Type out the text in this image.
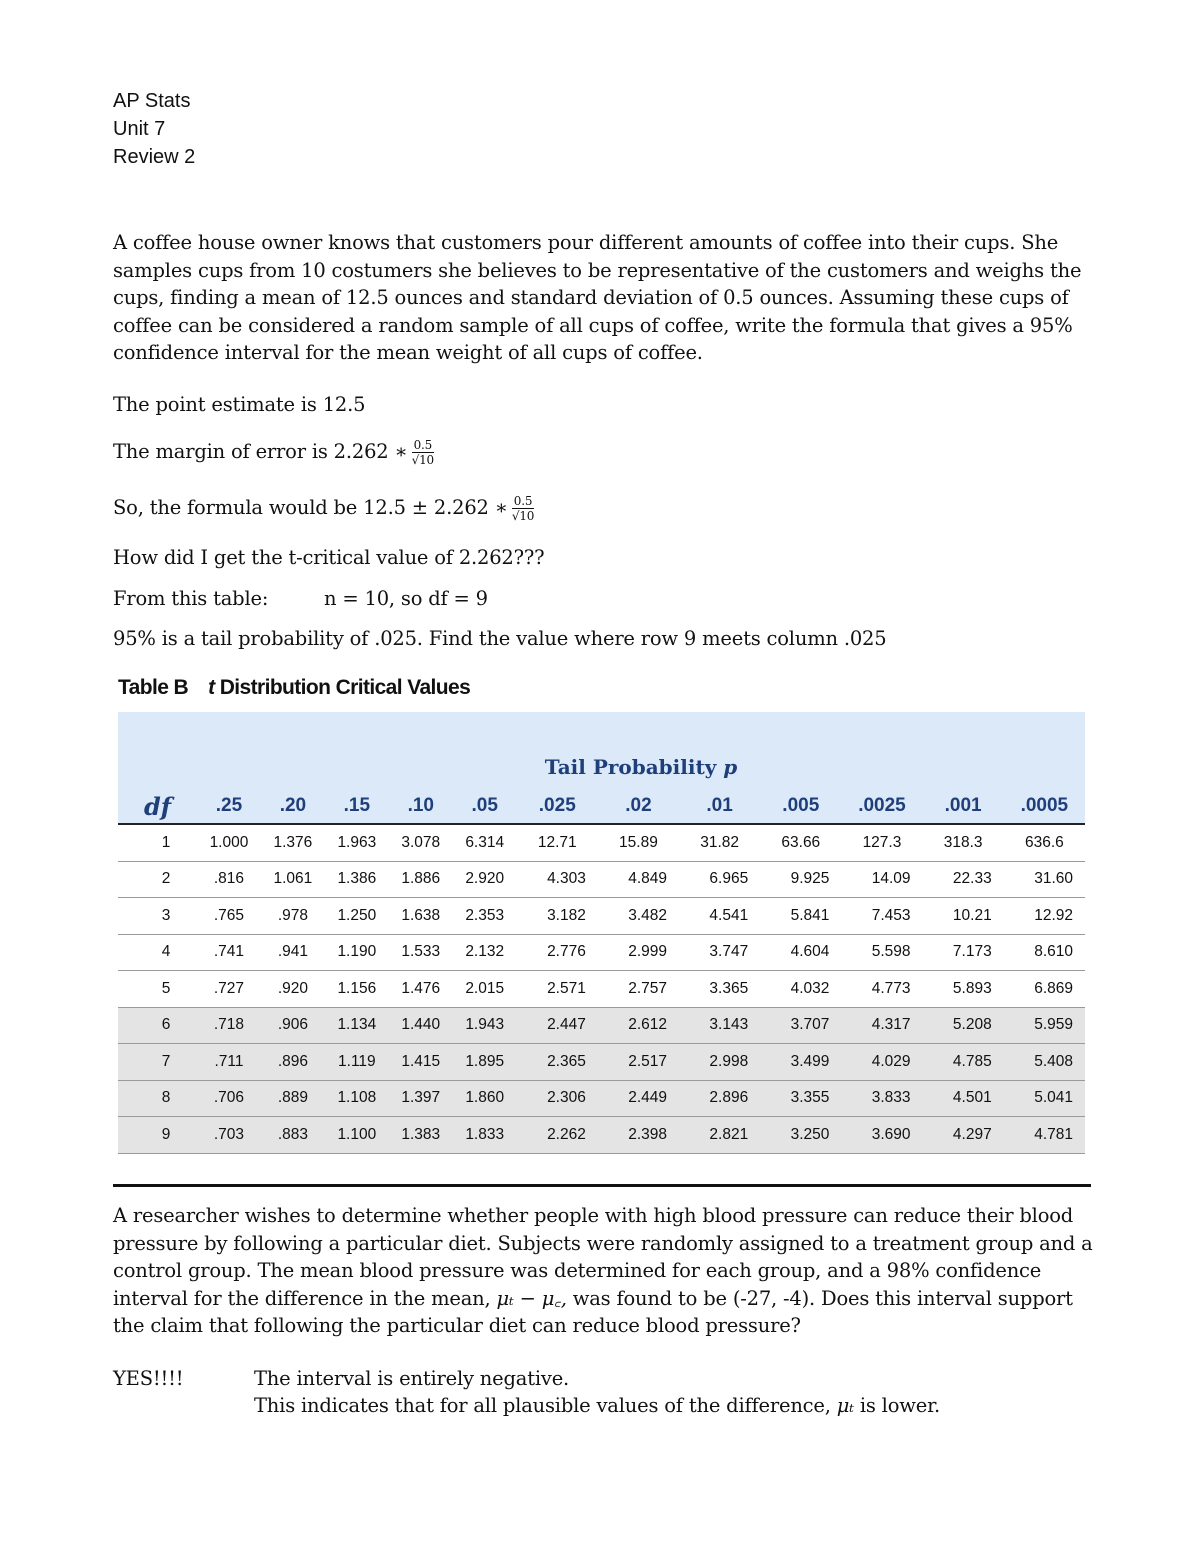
AP Stats
Unit 7
Review 2
A coffee house owner knows that customers pour different amounts of coffee into their cups. She samples cups from 10 costumers she believes to be representative of the customers and weighs the cups, finding a mean of 12.5 ounces and standard deviation of 0.5 ounces. Assuming these cups of coffee can be considered a random sample of all cups of coffee, write the formula that gives a 95% confidence interval for the mean weight of all cups of coffee.
The point estimate is 12.5
The margin of error is 2.262 ∗ $\frac{0.5}{√10}$
So, the formula would be 12.5 ± 2.262 ∗ $\frac{0.5}{√10}$
How did I get the t-critical value of 2.262???
From this table:	n = 10, so df = 9
95% is a tail probability of .025. Find the value where row 9 meets column .025
Table B t Distribution Critical Values
	Tail Probability p											
df	.25	.20	.15	.10	.05	.025	.02	.01	.005	.0025	.001	.0005
1	1.000	1.376	1.963	3.078	6.314	12.71	15.89	31.82	63.66	127.3	318.3	636.6
2	.816	1.061	1.386	1.886	2.920	4.303	4.849	6.965	9.925	14.09	22.33	31.60
3	.765	.978	1.250	1.638	2.353	3.182	3.482	4.541	5.841	7.453	10.21	12.92
4	.741	.941	1.190	1.533	2.132	2.776	2.999	3.747	4.604	5.598	7.173	8.610
5	.727	.920	1.156	1.476	2.015	2.571	2.757	3.365	4.032	4.773	5.893	6.869
6	.718	.906	1.134	1.440	1.943	2.447	2.612	3.143	3.707	4.317	5.208	5.959
7	.711	.896	1.119	1.415	1.895	2.365	2.517	2.998	3.499	4.029	4.785	5.408
8	.706	.889	1.108	1.397	1.860	2.306	2.449	2.896	3.355	3.833	4.501	5.041
9	.703	.883	1.100	1.383	1.833	2.262	2.398	2.821	3.250	3.690	4.297	4.781
A researcher wishes to determine whether people with high blood pressure can reduce their blood pressure by following a particular diet. Subjects were randomly assigned to a treatment group and a control group. The mean blood pressure was determined for each group, and a 98% confidence interval for the difference in the mean, μₜ − μ꜀, was found to be (-27, -4). Does this interval support the claim that following the particular diet can reduce blood pressure?
YES!!!!	The interval is entirely negative.
This indicates that for all plausible values of the difference, μₜ is lower.
